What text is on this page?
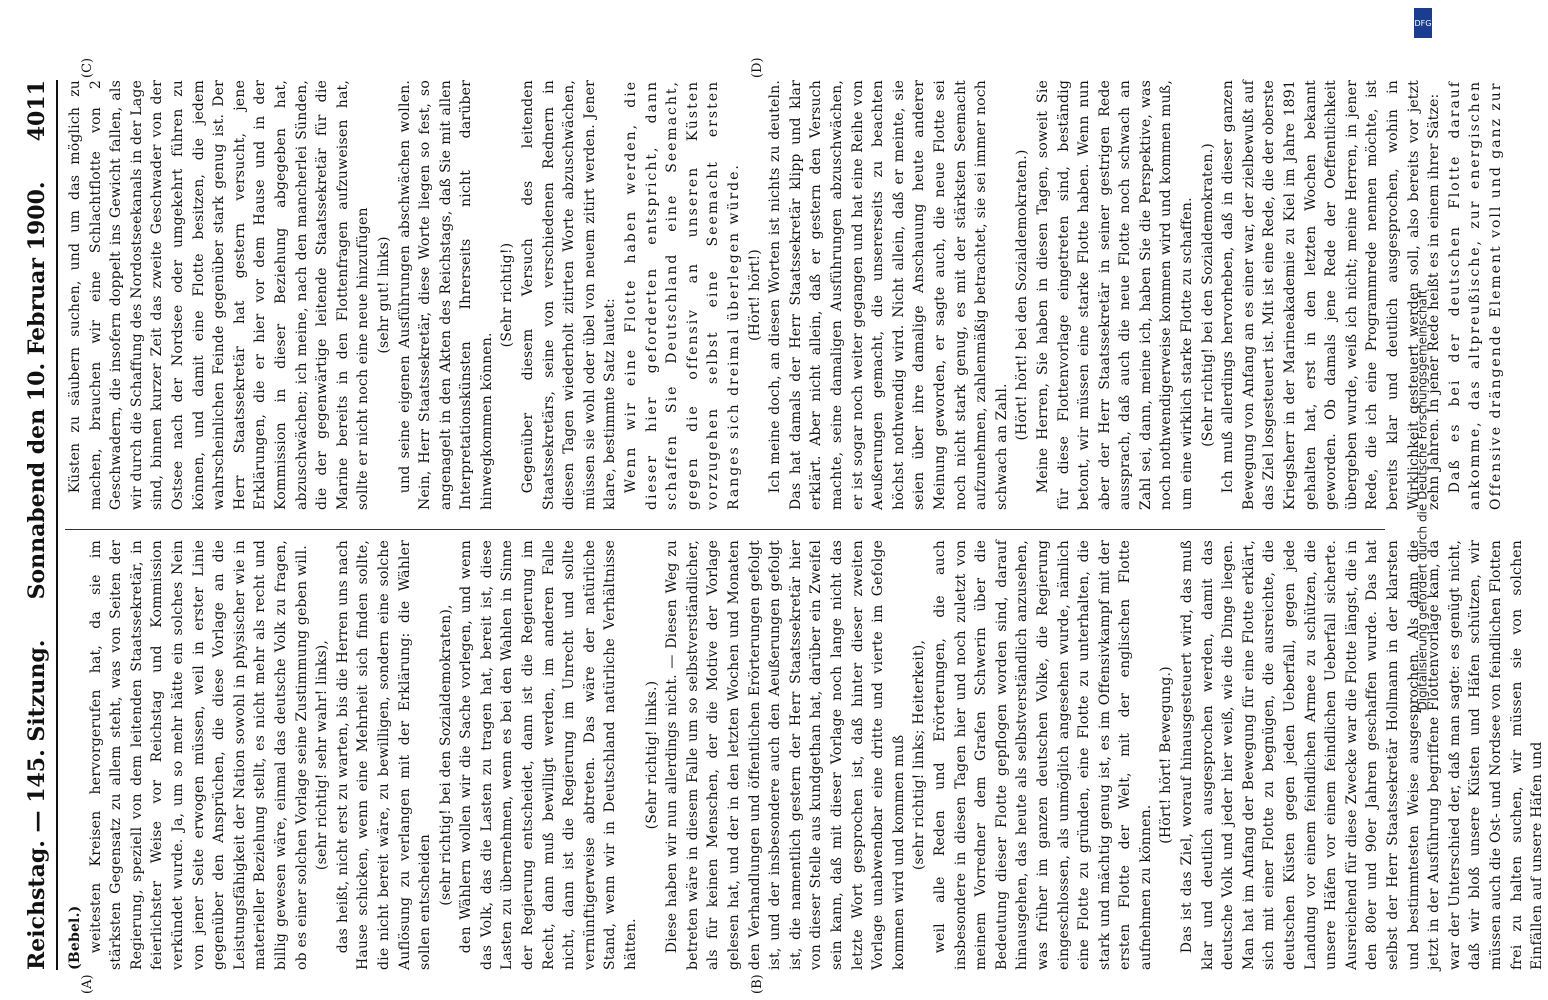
Reichstag. — 145. Sitzung.
Sonnabend den 10. Februar 1900.
4011
(A)	(B)
(C)	(D)

(Bebel.) weitesten Kreisen hervorgerufen hat, da sie im stärksten Gegensatz zu allem steht, was von Seiten der Regierung, speziell von dem leitenden Staatssekretär, in feierlichster Weise vor Reichstag und Kommission verkündet wurde. Ja, um so mehr hätte ein solches Nein von jener Seite erwogen müssen, weil in erster Linie gegenüber den Ansprüchen, die diese Vorlage an die Leistungsfähigkeit der Nation sowohl in physischer wie in materieller Beziehung stellt, es nicht mehr als recht und billig gewesen wäre, einmal das deutsche Volk zu fragen, ob es einer solchen Vorlage seine Zustimmung geben will. (sehr richtig! sehr wahr! links), das heißt, nicht erst zu warten, bis die Herren uns nach Hause schicken, wenn eine Mehrheit sich finden sollte, die nicht bereit wäre, zu bewilligen, sondern eine solche Auflösung zu verlangen mit der Erklärung: die Wähler sollen entscheiden (sehr richtig! bei den Sozialdemokraten), den Wählern wollen wir die Sache vorlegen, und wenn das Volk, das die Lasten zu tragen hat, bereit ist, diese Lasten zu übernehmen, wenn es bei den Wahlen in Sinne der Regierung entscheidet, dann ist die Regierung im Recht, dann muß bewilligt werden, im anderen Falle nicht, dann ist die Regierung im Unrecht und sollte vernünftigerweise abtreten. Das wäre der natürliche Stand, wenn wir in Deutschland natürliche Verhältnisse hätten.

(Sehr richtig! links.) Diese haben wir nun allerdings nicht. — Diesen Weg zu betreten wäre in diesem Falle um so selbstverständlicher, als für keinen Menschen, der die Motive der Vorlage gelesen hat, und der in den letzten Wochen und Monaten den Verhandlungen und öffentlichen Erörterungen gefolgt ist, und der insbesondere auch den Aeußerungen gefolgt ist, die namentlich gestern der Herr Staatssekretär hier von dieser Stelle aus kundgethan hat, darüber ein Zweifel sein kann, daß mit dieser Vorlage noch lange nicht das letzte Wort gesprochen ist, daß hinter dieser zweiten Vorlage unabwendbar eine dritte und vierte im Gefolge kommen wird und kommen muß (sehr richtig! links; Heiterkeit), weil alle Reden und Erörterungen, die auch insbesondere in diesen Tagen hier und noch zuletzt von meinem Vorredner dem Grafen Schwerin über die Bedeutung dieser Flotte gepflogen worden sind, darauf hinausgehen, das heute als selbstverständlich anzusehen, was früher im ganzen deutschen Volke, die Regierung eingeschlossen, als unmöglich angesehen wurde, nämlich eine Flotte zu gründen, eine Flotte zu unterhalten, die stark und mächtig genug ist, es im Offensivkampf mit der ersten Flotte der Welt, mit der englischen Flotte aufnehmen zu können.

(Hört! hört! Bewegung.) Das ist das Ziel, worauf hinausgesteuert wird, das muß klar und deutlich ausgesprochen werden, damit das deutsche Volk und jeder hier weiß, wie die Dinge liegen. Man hat im Anfang der Bewegung für eine Flotte erklärt, sich mit einer Flotte zu begnügen, die ausreichte, die deutschen Küsten gegen jeden Ueberfall, gegen jede Landung vor einem feindlichen Armee zu schützen, die unsere Häfen vor einem feindlichen Ueberfall sicherte. Ausreichend für diese Zwecke war die Flotte längst, die in den 80er und 90er Jahren geschaffen wurde. Das hat selbst der Herr Staatssekretär Hollmann in der klarsten und bestimmtesten Weise ausgesprochen. Als dann die jetzt in der Ausführung begriffene Flottenvorlage kam, da war der Unterschied der, daß man sagte: es genügt nicht, daß wir bloß unsere Küsten und Häfen schützen, wir müssen auch die Ost- und Nordsee von feindlichen Flotten frei zu halten suchen, wir müssen sie von solchen Einfällen auf unsere Häfen und

Küsten zu säubern suchen, und um das möglich zu machen, brauchen wir eine Schlachtflotte von 2 Geschwadern, die insofern doppelt ins Gewicht fallen, als wir durch die Schaffung des Nordostseekanals in der Lage sind, binnen kurzer Zeit das zweite Geschwader von der Ostsee nach der Nordsee oder umgekehrt führen zu können, und damit eine Flotte besitzen, die jedem wahrscheinlichen Feinde gegenüber stark genug ist. Der Herr Staatssekretär hat gestern versucht, jene Erklärungen, die er hier vor dem Hause und in der Kommission in dieser Beziehung abgegeben hat, abzuschwächen; ich meine, nach den mancherlei Sünden, die der gegenwärtige leitende Staatssekretär für die Marine bereits in den Flottenfragen aufzuweisen hat, sollte er nicht noch eine neue hinzufügen (sehr gut! links) und seine eigenen Ausführungen abschwächen wollen. Nein, Herr Staatssekretär, diese Worte liegen so fest, so angenagelt in den Akten des Reichstags, daß Sie mit allen Interpretationskünsten Ihrerseits nicht darüber hinwegkommen können.

(Sehr richtig!) Gegenüber diesem Versuch des leitenden Staatssekretärs, seine von verschiedenen Rednern in diesen Tagen wiederholt zitirten Worte abzuschwächen, müssen sie wohl oder übel von neuem zitirt werden. Jener klare, bestimmte Satz lautet: Wenn wir eine Flotte haben werden, die dieser hier geforderten entspricht, dann schaffen Sie Deutschland eine Seemacht, gegen die offensiv an unseren Küsten vorzugehen selbst eine Seemacht ersten Ranges sich dreimal überlegen würde. (Hört! hört!) Ich meine doch, an diesen Worten ist nichts zu deuteln. Das hat damals der Herr Staatssekretär klipp und klar erklärt. Aber nicht allein, daß er gestern den Versuch machte, seine damaligen Ausführungen abzuschwächen, er ist sogar noch weiter gegangen und hat eine Reihe von Aeußerungen gemacht, die unsererseits zu beachten höchst nothwendig wird. Nicht allein, daß er meinte, sie seien über ihre damalige Anschauung heute anderer Meinung geworden, er sagte auch, die neue Flotte sei noch nicht stark genug, es mit der stärksten Seemacht aufzunehmen, zahlenmäßig betrachtet, sie sei immer noch schwach an Zahl.

(Hört! hört! bei den Sozialdemokraten.) Meine Herren, Sie haben in diesen Tagen, soweit Sie für diese Flottenvorlage eingetreten sind, beständig betont, wir müssen eine starke Flotte haben. Wenn nun aber der Herr Staatssekretär in seiner gestrigen Rede aussprach, daß auch die neue Flotte noch schwach an Zahl sei, dann, meine ich, haben Sie die Perspektive, was noch nothwendigerweise kommen wird und kommen muß, um eine wirklich starke Flotte zu schaffen. (Sehr richtig! bei den Sozialdemokraten.) Ich muß allerdings hervorheben, daß in dieser ganzen Bewegung von Anfang an es einer war, der zielbewußt auf das Ziel losgesteuert ist. Mit ist eine Rede, die der oberste Kriegsherr in der Marineakademie zu Kiel im Jahre 1891 gehalten hat, erst in den letzten Wochen bekannt geworden. Ob damals jene Rede der Oeffentlichkeit übergeben wurde, weiß ich nicht; meine Herren, in jener Rede, die ich eine Programmrede nennen möchte, ist bereits klar und deutlich ausgesprochen, wohin in Wirklichkeit gesteuert werden soll, also bereits vor jetzt zehn Jahren. In jener Rede heißt es in einem ihrer Sätze: Daß es bei der deutschen Flotte darauf ankomme, das altpreußische, zur energischen Offensive drängende Element voll und ganz zur

Digitalisierung gefördert durch die Deutsche Forschungsgemeinschaft
DFG
